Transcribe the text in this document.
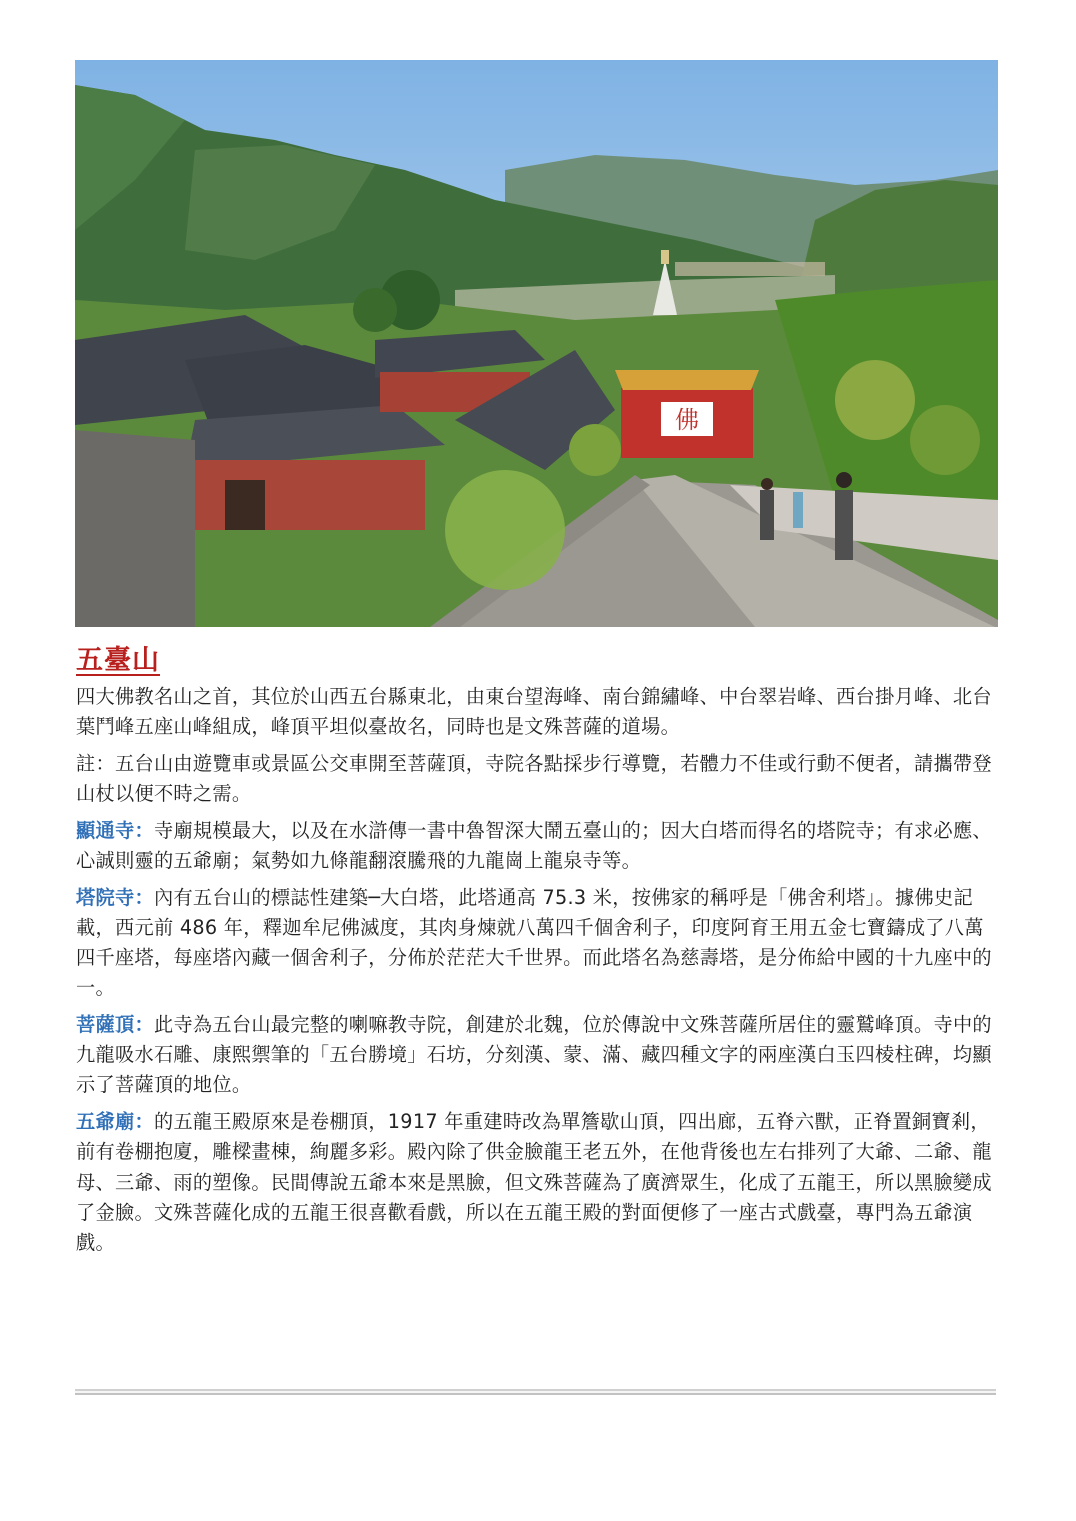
佛
五臺山

四大佛教名山之首，其位於山西五台縣東北，由東台望海峰、南台錦繡峰、中台翠岩峰、西台掛月峰、北台葉鬥峰五座山峰組成，峰頂平坦似臺故名，同時也是文殊菩薩的道場。

註：五台山由遊覽車或景區公交車開至菩薩頂，寺院各點採步行導覽，若體力不佳或行動不便者，請攜帶登山杖以便不時之需。

顯通寺：寺廟規模最大，以及在水滸傳一書中魯智深大鬧五臺山的；因大白塔而得名的塔院寺；有求必應、心誠則靈的五爺廟；氣勢如九條龍翻滾騰飛的九龍崗上龍泉寺等。

塔院寺：內有五台山的標誌性建築─大白塔，此塔通高 75.3 米，按佛家的稱呼是「佛舍利塔」。據佛史記載，西元前 486 年，釋迦牟尼佛滅度，其肉身煉就八萬四千個舍利子，印度阿育王用五金七寶鑄成了八萬四千座塔，每座塔內藏一個舍利子，分佈於茫茫大千世界。而此塔名為慈壽塔，是分佈給中國的十九座中的一。

菩薩頂：此寺為五台山最完整的喇嘛教寺院，創建於北魏，位於傳說中文殊菩薩所居住的靈鷲峰頂。寺中的九龍吸水石雕、康熙禦筆的「五台勝境」石坊，分刻漢、蒙、滿、藏四種文字的兩座漢白玉四棱柱碑，均顯示了菩薩頂的地位。

五爺廟：的五龍王殿原來是卷棚頂，1917 年重建時改為單簷歇山頂，四出廊，五脊六獸，正脊置銅寶剎，前有卷棚抱廈，雕樑畫棟，絢麗多彩。殿內除了供金臉龍王老五外，在他背後也左右排列了大爺、二爺、龍母、三爺、雨的塑像。民間傳說五爺本來是黑臉，但文殊菩薩為了廣濟眾生，化成了五龍王，所以黑臉變成了金臉。文殊菩薩化成的五龍王很喜歡看戲，所以在五龍王殿的對面便修了一座古式戲臺，專門為五爺演戲。
